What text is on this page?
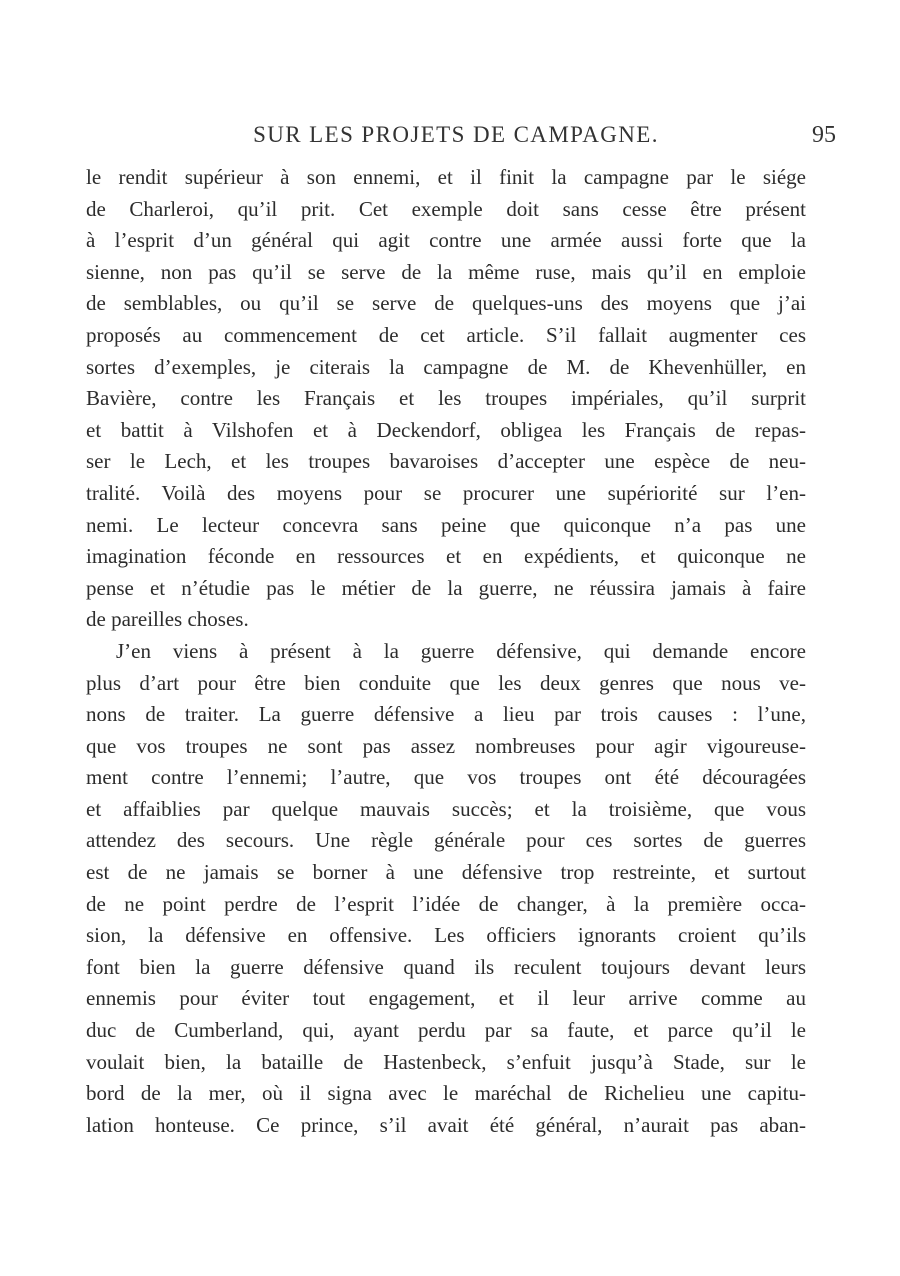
SUR LES PROJETS DE CAMPAGNE.	95
le rendit supérieur à son ennemi, et il finit la campagne par le siége
de Charleroi, qu’il prit. Cet exemple doit sans cesse être présent
à l’esprit d’un général qui agit contre une armée aussi forte que la
sienne, non pas qu’il se serve de la même ruse, mais qu’il en emploie
de semblables, ou qu’il se serve de quelques-uns des moyens que j’ai
proposés au commencement de cet article. S’il fallait augmenter ces
sortes d’exemples, je citerais la campagne de M. de Khevenhüller, en
Bavière, contre les Français et les troupes impériales, qu’il surprit
et battit à Vilshofen et à Deckendorf, obligea les Français de repas-
ser le Lech, et les troupes bavaroises d’accepter une espèce de neu-
tralité. Voilà des moyens pour se procurer une supériorité sur l’en-
nemi. Le lecteur concevra sans peine que quiconque n’a pas une
imagination féconde en ressources et en expédients, et quiconque ne
pense et n’étudie pas le métier de la guerre, ne réussira jamais à faire
de pareilles choses.
J’en viens à présent à la guerre défensive, qui demande encore
plus d’art pour être bien conduite que les deux genres que nous ve-
nons de traiter. La guerre défensive a lieu par trois causes : l’une,
que vos troupes ne sont pas assez nombreuses pour agir vigoureuse-
ment contre l’ennemi; l’autre, que vos troupes ont été découragées
et affaiblies par quelque mauvais succès; et la troisième, que vous
attendez des secours. Une règle générale pour ces sortes de guerres
est de ne jamais se borner à une défensive trop restreinte, et surtout
de ne point perdre de l’esprit l’idée de changer, à la première occa-
sion, la défensive en offensive. Les officiers ignorants croient qu’ils
font bien la guerre défensive quand ils reculent toujours devant leurs
ennemis pour éviter tout engagement, et il leur arrive comme au
duc de Cumberland, qui, ayant perdu par sa faute, et parce qu’il le
voulait bien, la bataille de Hastenbeck, s’enfuit jusqu’à Stade, sur le
bord de la mer, où il signa avec le maréchal de Richelieu une capitu-
lation honteuse. Ce prince, s’il avait été général, n’aurait pas aban-
